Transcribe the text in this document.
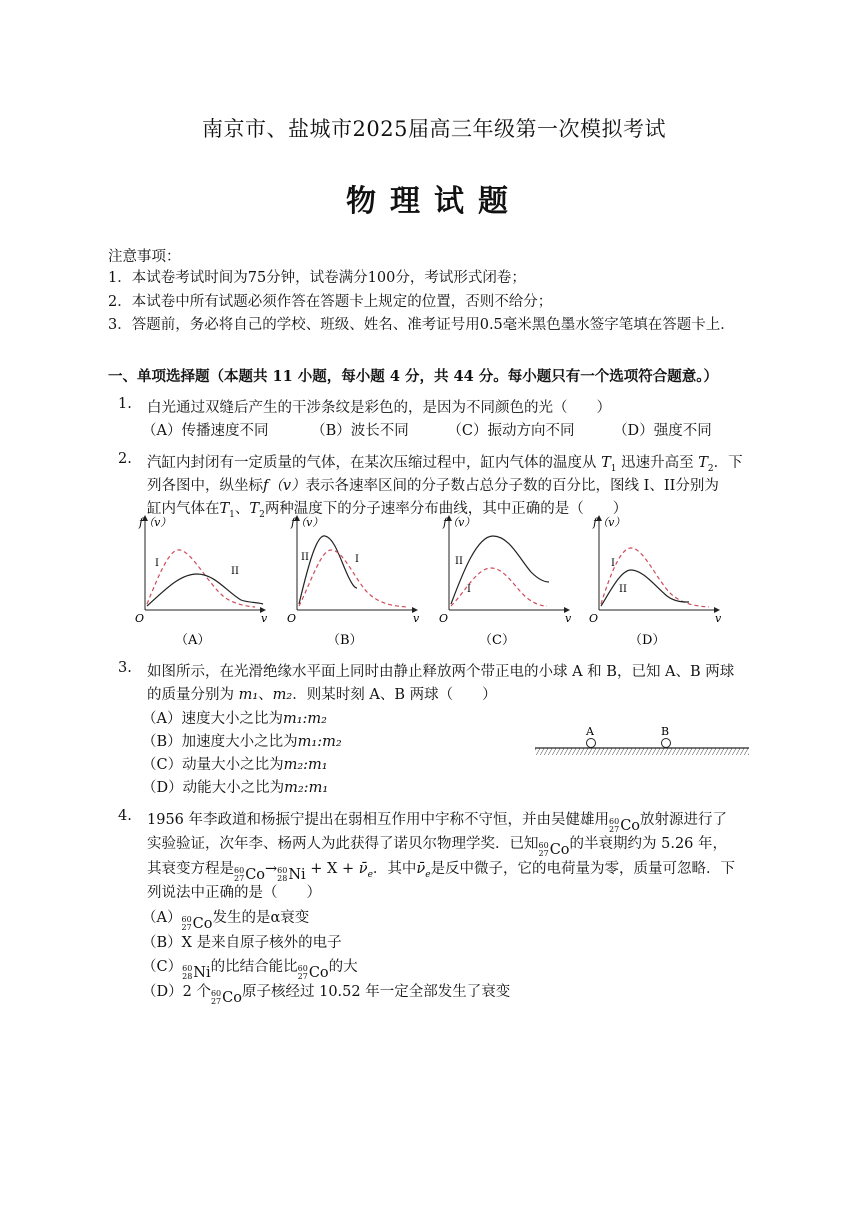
南京市、盐城市2025届高三年级第一次模拟考试
物理试题
注意事项：
1．本试卷考试时间为75分钟，试卷满分100分，考试形式闭卷；
2．本试卷中所有试题必须作答在答题卡上规定的位置，否则不给分；
3．答题前，务必将自己的学校、班级、姓名、准考证号用0.5毫米黑色墨水签字笔填在答题卡上．
一、单项选择题（本题共 11 小题，每小题 4 分，共 44 分。每小题只有一个选项符合题意。）
1. 白光通过双缝后产生的干涉条纹是彩色的，是因为不同颜色的光（　　）
（A）传播速度不同	（B）波长不同	（C）振动方向不同	（D）强度不同
2. 汽缸内封闭有一定质量的气体，在某次压缩过程中，缸内气体的温度从 $T_1$ 迅速升高至 $T_2$．下
列各图中，纵坐标f（v）表示各速率区间的分子数占总分子数的百分比，图线 I、II分别为
缸内气体在$T_1$、$T_2$两种温度下的分子速率分布曲线，其中正确的是（　　）
f（v）
O	v
I
II
f（v）
O	v
II	I
f（v）
O	v
II
I
f（v）
O	v
I
II
（A）	（B）	（C）	（D）
3. 如图所示，在光滑绝缘水平面上同时由静止释放两个带正电的小球 A 和 B，已知 A、B 两球
的质量分别为 m₁、m₂．则某时刻 A、B 两球（　　）
（A）速度大小之比为m₁:m₂
（B）加速度大小之比为m₁:m₂
（C）动量大小之比为m₂:m₁
（D）动能大小之比为m₂:m₁
A	B
4. 1956 年李政道和杨振宁提出在弱相互作用中宇称不守恒，并由吴健雄用 60
27 Co 放射源进行了
实验验证，次年李、杨两人为此获得了诺贝尔物理学奖．已知 60
27 Co 的半衰期约为 5.26 年，
其衰变方程是 60
27 Co → 60
28 $Ni + X + \nū_e$．其中$\nū_e$是反中微子，它的电荷量为零，质量可忽略．下
列说法中正确的是（　　）
（A） 60
27 Co 发生的是α衰变
（B）X 是来自原子核外的电子
（C） 60
28 Ni 的比结合能比 60
27 Co 的大
（D）2 个 60
27 Co 原子核经过 10.52 年一定全部发生了衰变
